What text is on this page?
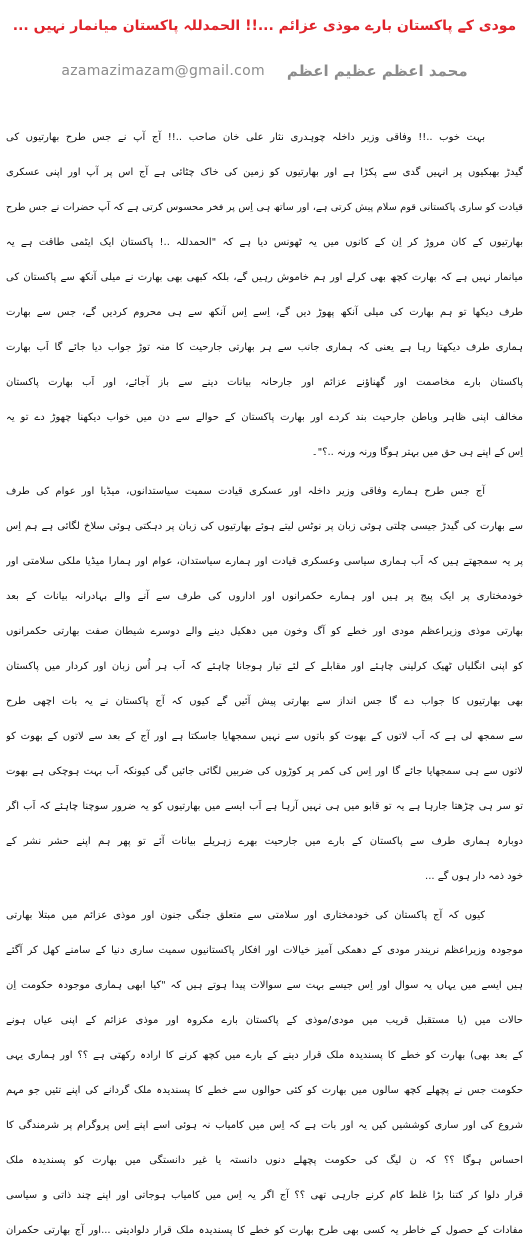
مودی کے پاکستان بارے موذی عزائم ...!! الحمدللہ پاکستان میانمار نہیں ...
محمد اعظم عظیم اعظم
azamazimazam@gmail.com
بہت خوب ..!! وفاقی وزیر داخلہ چوہدری نثار علی خان صاحب ..!! آج آپ نے جس طرح بھارتیوں کی
گیدڑ بھبکیوں پر انہیں گدی سے پکڑا ہے اور بھارتیوں کو زمین کی خاک چٹائی ہے آج اس پر آپ اور اپنی عسکری
قیادت کو ساری پاکستانی قوم سلام پیش کرتی ہے، اور ساتھ ہی اِس پر فخر محسوس کرتی ہے کہ آپ حضرات نے جس طرح
بھارتیوں کے کان مروڑ کر اِن کے کانوں میں یہ ٹھونس دیا ہے کہ "الحمدللہ ..! پاکستان ایک ایٹمی طاقت ہے یہ
میانمار نہیں ہے کہ بھارت کچھ بھی کرلے اور ہم خاموش رہیں گے، بلکہ کبھی بھی بھارت نے میلی آنکھ سے پاکستان کی
طرف دیکھا تو ہم بھارت کی میلی آنکھ پھوڑ دیں گے، اِسے اِس آنکھ سے ہی محروم کردیں گے، جس سے بھارت
ہماری طرف دیکھتا رہا ہے یعنی کہ ہماری جانب سے ہر بھارتی جارحیت کا منہ توڑ جواب دیا جائے گا اَب بھارت
پاکستان بارے مخاصمت اور گھناؤنے عزائم اور جارحانہ بیانات دینے سے باز آجائے، اور اَب بھارت پاکستان
مخالف اپنی ظاہر وباطن جارحیت بند کردے اور بھارت پاکستان کے حوالے سے دن میں خواب دیکھنا چھوڑ دے تو یہ
اِس کے اپنے ہی حق میں بہتر ہوگا ورنہ ورنہ ..؟"۔
آج جس طرح ہمارے وفاقی وزیر داخلہ اور عسکری قیادت سمیت سیاستدانوں، میڈیا اور عوام کی طرف
سے بھارت کی گیدڑ جیسی چلتی ہوئی زبان پر نوٹس لیتے ہوئے بھارتیوں کی زبان پر دہکتی ہوئی سلاخ لگائی ہے ہم اِس
پر یہ سمجھتے ہیں کہ اَب ہماری سیاسی وعسکری قیادت اور ہمارے سیاستدان، عوام اور ہمارا میڈیا ملکی سلامتی اور
خودمختاری پر ایک پیج پر ہیں اور ہمارے حکمرانوں اور اداروں کی طرف سے آنے والے بہادرانہ بیانات کے بعد
بھارتی موذی وزیراعظم مودی اور خطے کو آگ وخون میں دھکیل دینے والے دوسرے شیطان صفت بھارتی حکمرانوں
کو اپنی انگلیاں ٹھیک کرلینی چاہئے اور مقابلے کے لئے تیار ہوجانا چاہئے کہ اَب ہر اُس زبان اور کردار میں پاکستان
بھی بھارتیوں کا جواب دے گا جس انداز سے بھارتی پیش آئیں گے کیوں کہ آج پاکستان نے یہ بات اچھی طرح
سے سمجھ لی ہے کہ اَب لاتوں کے بھوت کو باتوں سے نہیں سمجھایا جاسکتا ہے اور آج کے بعد سے لاتوں کے بھوت کو
لاتوں سے ہی سمجھایا جائے گا اور اِس کی کمر پر کوڑوں کی ضربیں لگائی جائیں گی کیونکہ اَب بہت ہوچکی ہے بھوت
تو سر ہی چڑھتا جارہا ہے یہ تو قابو میں ہی نہیں آرہا ہے اَب ایسے میں بھارتیوں کو یہ ضرور سوچنا چاہئے کہ اَب اگر
دوبارہ ہماری طرف سے پاکستان کے بارے میں جارحیت بھرے زہریلے بیانات آئے تو پھر ہم اپنے حشر نشر کے
خود ذمہ دار ہوں گے ...
کیوں کہ آج پاکستان کی خودمختاری اور سلامتی سے متعلق جنگی جنون اور موذی عزائم میں مبتلا بھارتی
موجودہ وزیراعظم نریندر مودی کے دھمکی آمیز خیالات اور افکار پاکستانیوں سمیت ساری دنیا کے سامنے کھل کر آگئے
ہیں ایسے میں یہاں یہ سوال اور اِس جیسے بہت سے سوالات پیدا ہوتے ہیں کہ "کیا ابھی ہماری موجودہ حکومت اِن
حالات میں (یا مستقبل قریب میں مودی/موذی کے پاکستان بارے مکروہ اور موذی عزائم کے اپنی عیاں ہونے
کے بعد بھی) بھارت کو خطے کا پسندیدہ ملک قرار دینے کے بارے میں کچھ کرنے کا ارادہ رکھتی ہے ؟؟ اور ہماری یہی
حکومت جس نے پچھلے کچھ سالوں میں بھارت کو کئی حوالوں سے خطے کا پسندیدہ ملک گردانے کی اپنے تئیں جو مہم
شروع کی اور ساری کوششیں کیں یہ اور بات ہے کہ اِس میں کامیاب نہ ہوئی اسے اپنے اِس پروگرام پر شرمندگی کا
احساس ہوگا ؟؟ کہ ن لیگ کی حکومت پچھلے دنوں دانستہ یا غیر دانستگی میں بھارت کو پسندیدہ ملک
قرار دلوا کر کتنا بڑا غلط کام کرنے جارہی تھی ؟؟ آج اگر یہ اِس میں کامیاب ہوجاتی اور اپنے چند ذاتی و سیاسی
مفادات کے حصول کے خاطر یہ کسی بھی طرح بھارت کو خطے کا پسندیدہ ملک قرار دلوادیتی ...اور آج بھارتی حکمران
